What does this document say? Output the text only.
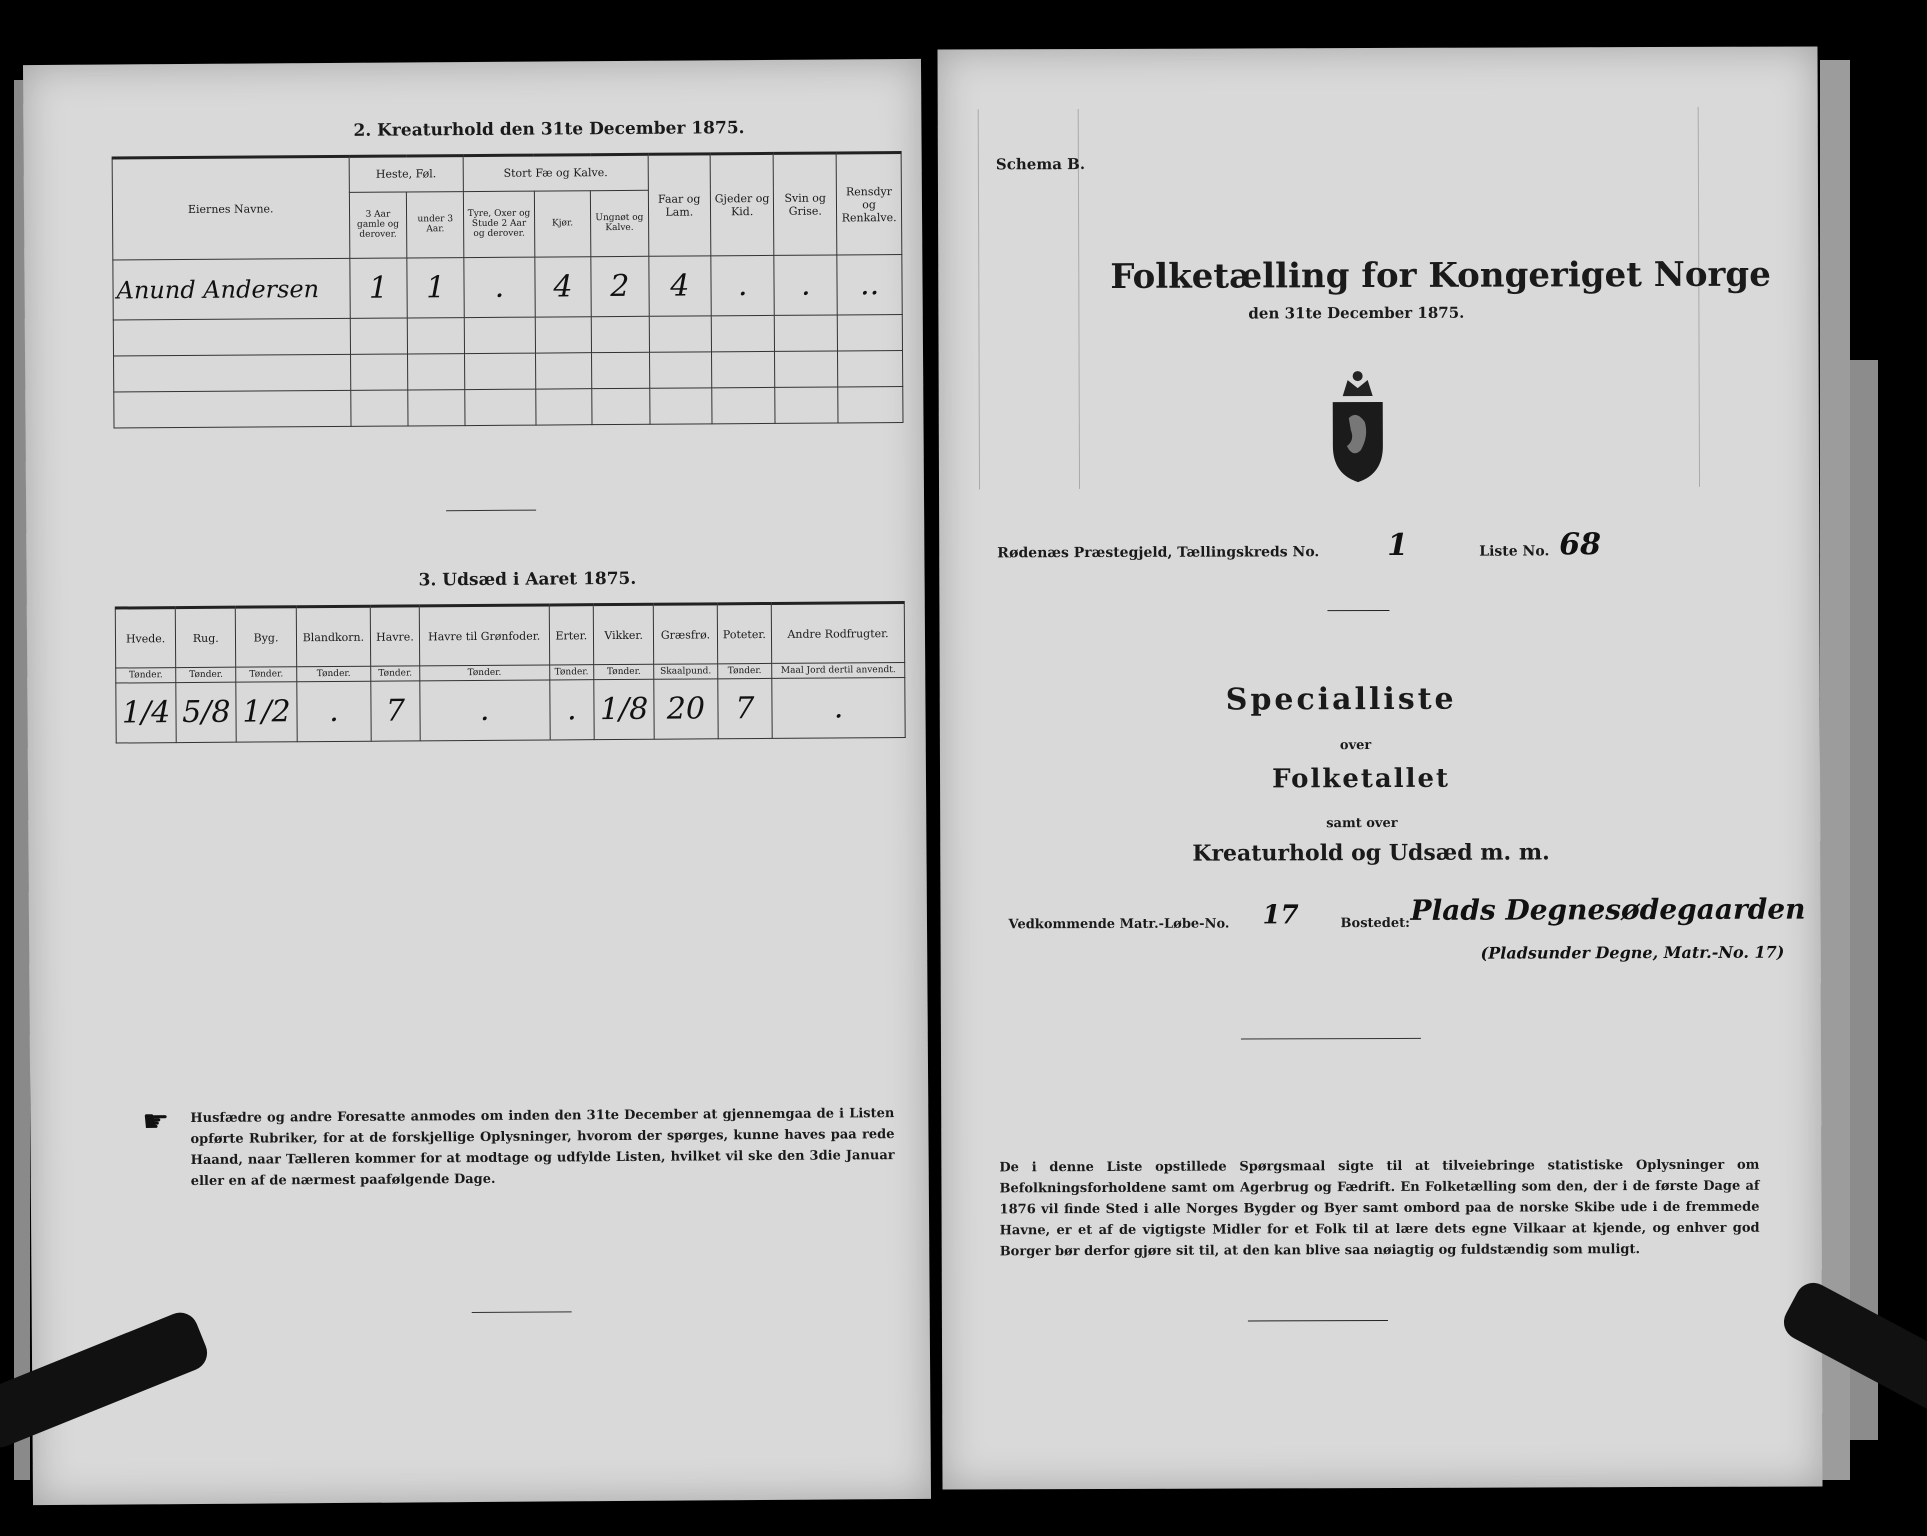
2. Kreaturhold den 31te December 1875.
Eiernes Navne.	Heste, Føl.		Stort Fæ og Kalve.			Faar og Lam.	Gjeder og Kid.	Svin og Grise.	Rensdyr og Renkalve.
	3 Aar gamle og derover.	under 3 Aar.	Tyre, Oxer og Stude 2 Aar og derover.	Kjør.	Ungnøt og Kalve.				
Anund Andersen	1	1	.	4	2	4	.	.	..

3. Udsæd i Aaret 1875.
Hvede.	Rug.	Byg.	Blandkorn.	Havre.	Havre til Grønfoder.	Erter.	Vikker.	Græsfrø.	Poteter.	Andre Rodfrugter.
Tønder.	Tønder.	Tønder.	Tønder.	Tønder.	Tønder.	Tønder.	Tønder.	Skaalpund.	Tønder.	Maal Jord dertil anvendt.
1/4	5/8	1/2	.	7	.	.	1/8	20	7	.
☛ Husfædre og andre Foresatte anmodes om inden den 31te December at gjennemgaa de i Listen opførte Rubriker, for at de forskjellige Oplysninger, hvorom der spørges, kunne haves paa rede Haand, naar Tælleren kommer for at modtage og udfylde Listen, hvilket vil ske den 3die Januar eller en af de nærmest paafølgende Dage.
Schema B.
Folketælling for Kongeriget Norge
den 31te December 1875.
Rødenæs Præstegjeld, Tællingskreds No. 1	Liste No. 68
Specialliste
over
Folketallet
samt over
Kreaturhold og Udsæd m. m.
Vedkommende Matr.-Løbe-No. 17	Bostedet: Plads Degnesødegaarden
(Pladsunder Degne, Matr.-No. 17)
De i denne Liste opstillede Spørgsmaal sigte til at tilveiebringe statistiske Oplysninger om Befolkningsforholdene samt om Agerbrug og Fædrift. En Folketælling som den, der i de første Dage af 1876 vil finde Sted i alle Norges Bygder og Byer samt ombord paa de norske Skibe ude i de fremmede Havne, er et af de vigtigste Midler for et Folk til at lære dets egne Vilkaar at kjende, og enhver god Borger bør derfor gjøre sit til, at den kan blive saa nøiagtig og fuldstændig som muligt.
